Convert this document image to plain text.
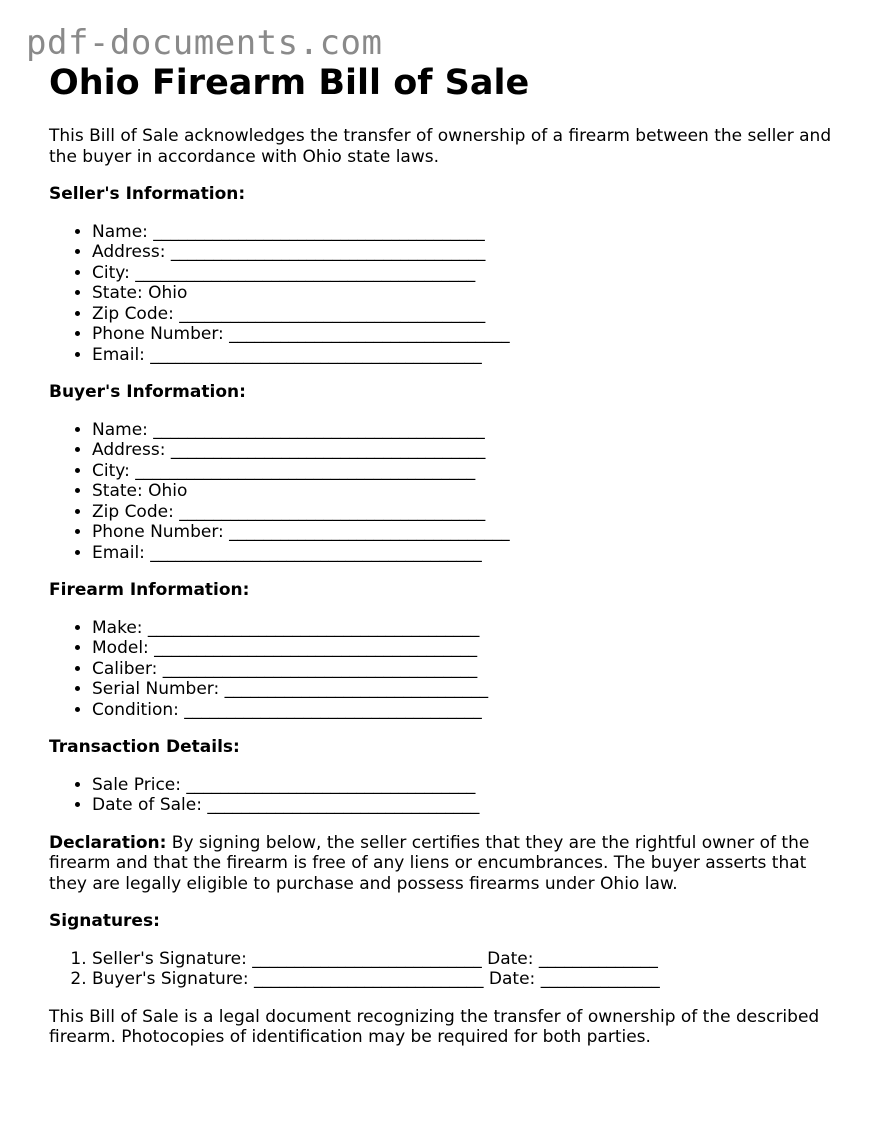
pdf-documents.com
Ohio Firearm Bill of Sale

This Bill of Sale acknowledges the transfer of ownership of a firearm between the seller and the buyer in accordance with Ohio state laws.

Seller's Information:
• Name: _______________________________________
• Address: _____________________________________
• City: ________________________________________
• State: Ohio
• Zip Code: ____________________________________
• Phone Number: _________________________________
• Email: _______________________________________
Buyer's Information:
• Name: _______________________________________
• Address: _____________________________________
• City: ________________________________________
• State: Ohio
• Zip Code: ____________________________________
• Phone Number: _________________________________
• Email: _______________________________________
Firearm Information:
• Make: _______________________________________
• Model: ______________________________________
• Caliber: _____________________________________
• Serial Number: _______________________________
• Condition: ___________________________________
Transaction Details:
• Sale Price: __________________________________
• Date of Sale: ________________________________

Declaration: By signing below, the seller certifies that they are the rightful owner of the firearm and that the firearm is free of any liens or encumbrances. The buyer asserts that they are legally eligible to purchase and possess firearms under Ohio law.

Signatures:
1. Seller's Signature: ___________________________ Date: ______________
2. Buyer's Signature: ___________________________ Date: ______________

This Bill of Sale is a legal document recognizing the transfer of ownership of the described firearm. Photocopies of identification may be required for both parties.
